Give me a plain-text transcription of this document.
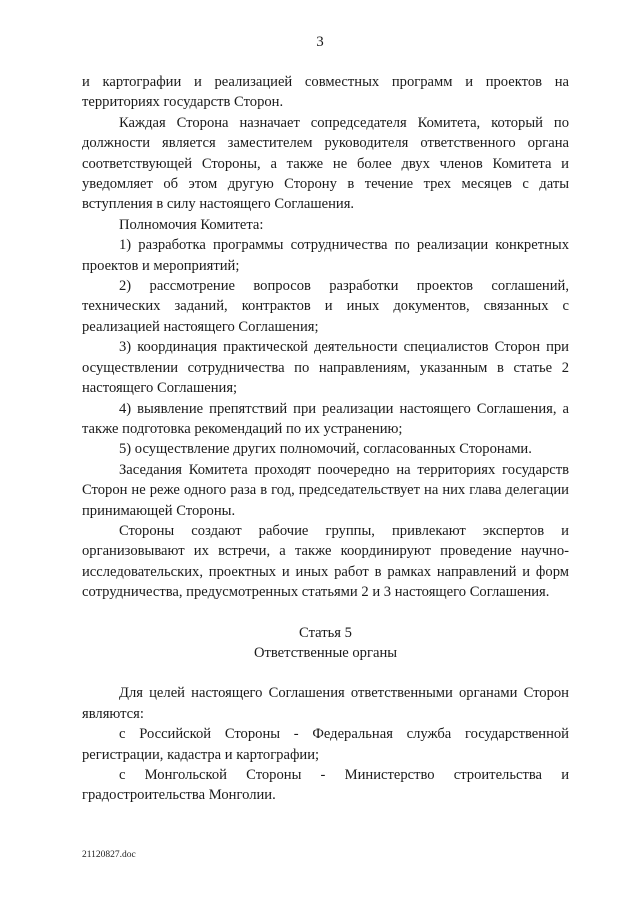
3

и картографии и реализацией совместных программ и проектов на территориях государств Сторон.

Каждая Сторона назначает сопредседателя Комитета, который по должности является заместителем руководителя ответственного органа соответствующей Стороны, а также не более двух членов Комитета и уведомляет об этом другую Сторону в течение трех месяцев с даты вступления в силу настоящего Соглашения.

Полномочия Комитета:

1) разработка программы сотрудничества по реализации конкретных проектов и мероприятий;

2) рассмотрение вопросов разработки проектов соглашений, технических заданий, контрактов и иных документов, связанных с реализацией настоящего Соглашения;

3) координация практической деятельности специалистов Сторон при осуществлении сотрудничества по направлениям, указанным в статье 2 настоящего Соглашения;

4) выявление препятствий при реализации настоящего Соглашения, а также подготовка рекомендаций по их устранению;

5) осуществление других полномочий, согласованных Сторонами.

Заседания Комитета проходят поочередно на территориях государств Сторон не реже одного раза в год, председательствует на них глава делегации принимающей Стороны.

Стороны создают рабочие группы, привлекают экспертов и организовывают их встречи, а также координируют проведение научно-исследовательских, проектных и иных работ в рамках направлений и форм сотрудничества, предусмотренных статьями 2 и 3 настоящего Соглашения.

Статья 5

Ответственные органы

Для целей настоящего Соглашения ответственными органами Сторон являются:

с Российской Стороны - Федеральная служба государственной регистрации, кадастра и картографии;

с Монгольской Стороны - Министерство строительства и градостроительства Монголии.

21120827.doc
